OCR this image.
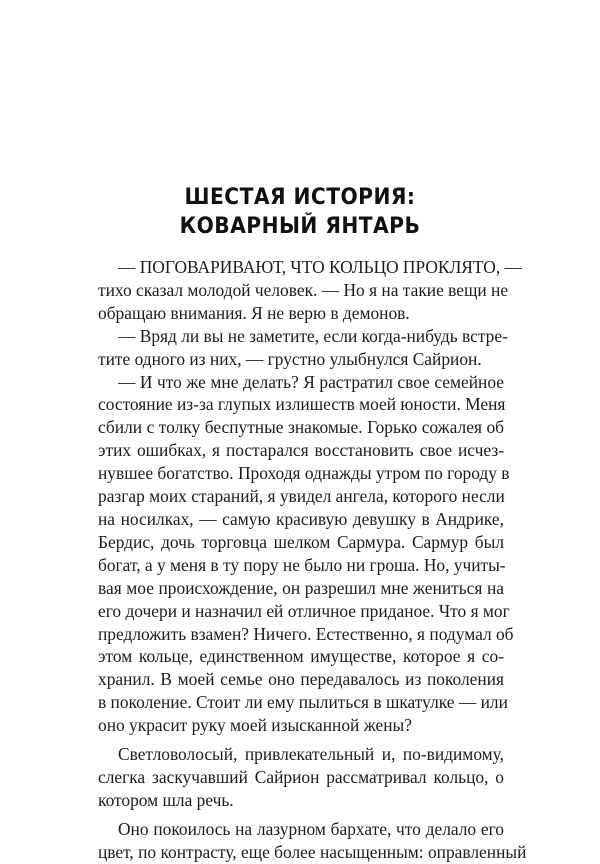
ШЕСТАЯ ИСТОРИЯ:
КОВАРНЫЙ ЯНТАРЬ
— ПОГОВАРИВАЮТ, ЧТО КОЛЬЦО ПРОКЛЯТО, —
тихо сказал молодой человек. — Но я на такие вещи не
обращаю внимания. Я не верю в демонов.
— Вряд ли вы не заметите, если когда-нибудь встре-
тите одного из них, — грустно улыбнулся Сайрион.
— И что же мне делать? Я растратил свое семейное
состояние из-за глупых излишеств моей юности. Меня
сбили с толку беспутные знакомые. Горько сожалея об
этих ошибках, я постарался восстановить свое исчез-
нувшее богатство. Проходя однажды утром по городу в
разгар моих стараний, я увидел ангела, которого несли
на носилках, — самую красивую девушку в Андрике,
Бердис, дочь торговца шелком Сармура. Сармур был
богат, а у меня в ту пору не было ни гроша. Но, учиты-
вая мое происхождение, он разрешил мне жениться на
его дочери и назначил ей отличное приданое. Что я мог
предложить взамен? Ничего. Естественно, я подумал об
этом кольце, единственном имуществе, которое я со-
хранил. В моей семье оно передавалось из поколения
в поколение. Стоит ли ему пылиться в шкатулке — или
оно украсит руку моей изысканной жены?
Светловолосый, привлекательный и, по-видимому,
слегка заскучавший Сайрион рассматривал кольцо, о
котором шла речь.
Оно покоилось на лазурном бархате, что делало его
цвет, по контрасту, еще более насыщенным: оправленный
